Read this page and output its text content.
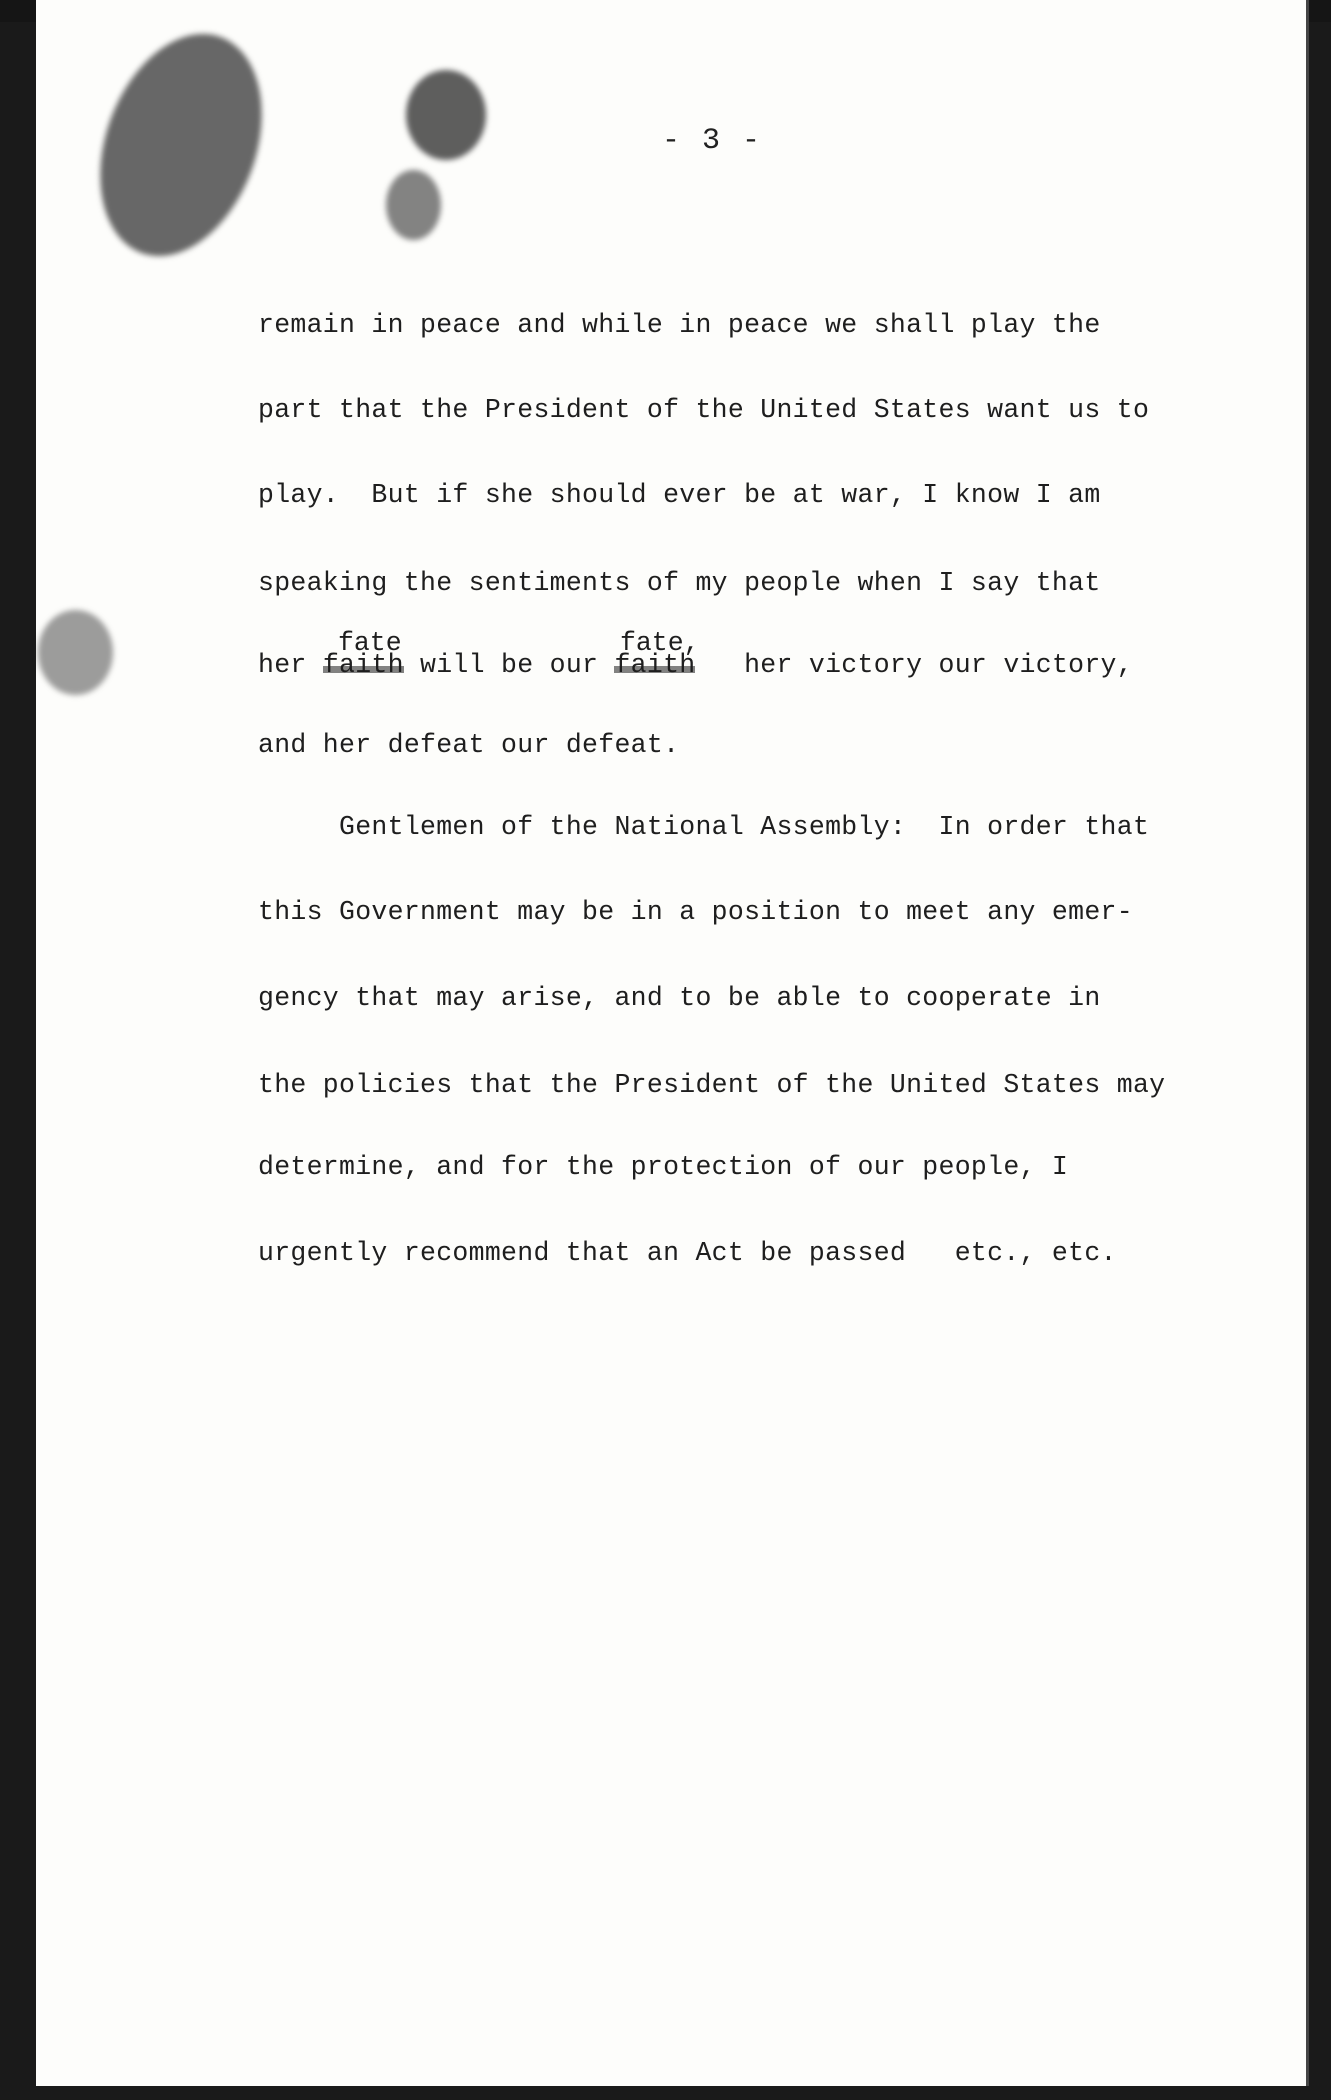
- 3 -
remain in peace and while in peace we shall play the
part that the President of the United States want us to
play.  But if she should ever be at war, I know I am
speaking the sentiments of my people when I say that
fate	fate,
her	will be our	her victory our victory,
and her defeat our defeat.
Gentlemen of the National Assembly:  In order that
this Government may be in a position to meet any emer-
gency that may arise, and to be able to cooperate in
the policies that the President of the United States may
determine, and for the protection of our people, I
urgently recommend that an Act be passed   etc., etc.
